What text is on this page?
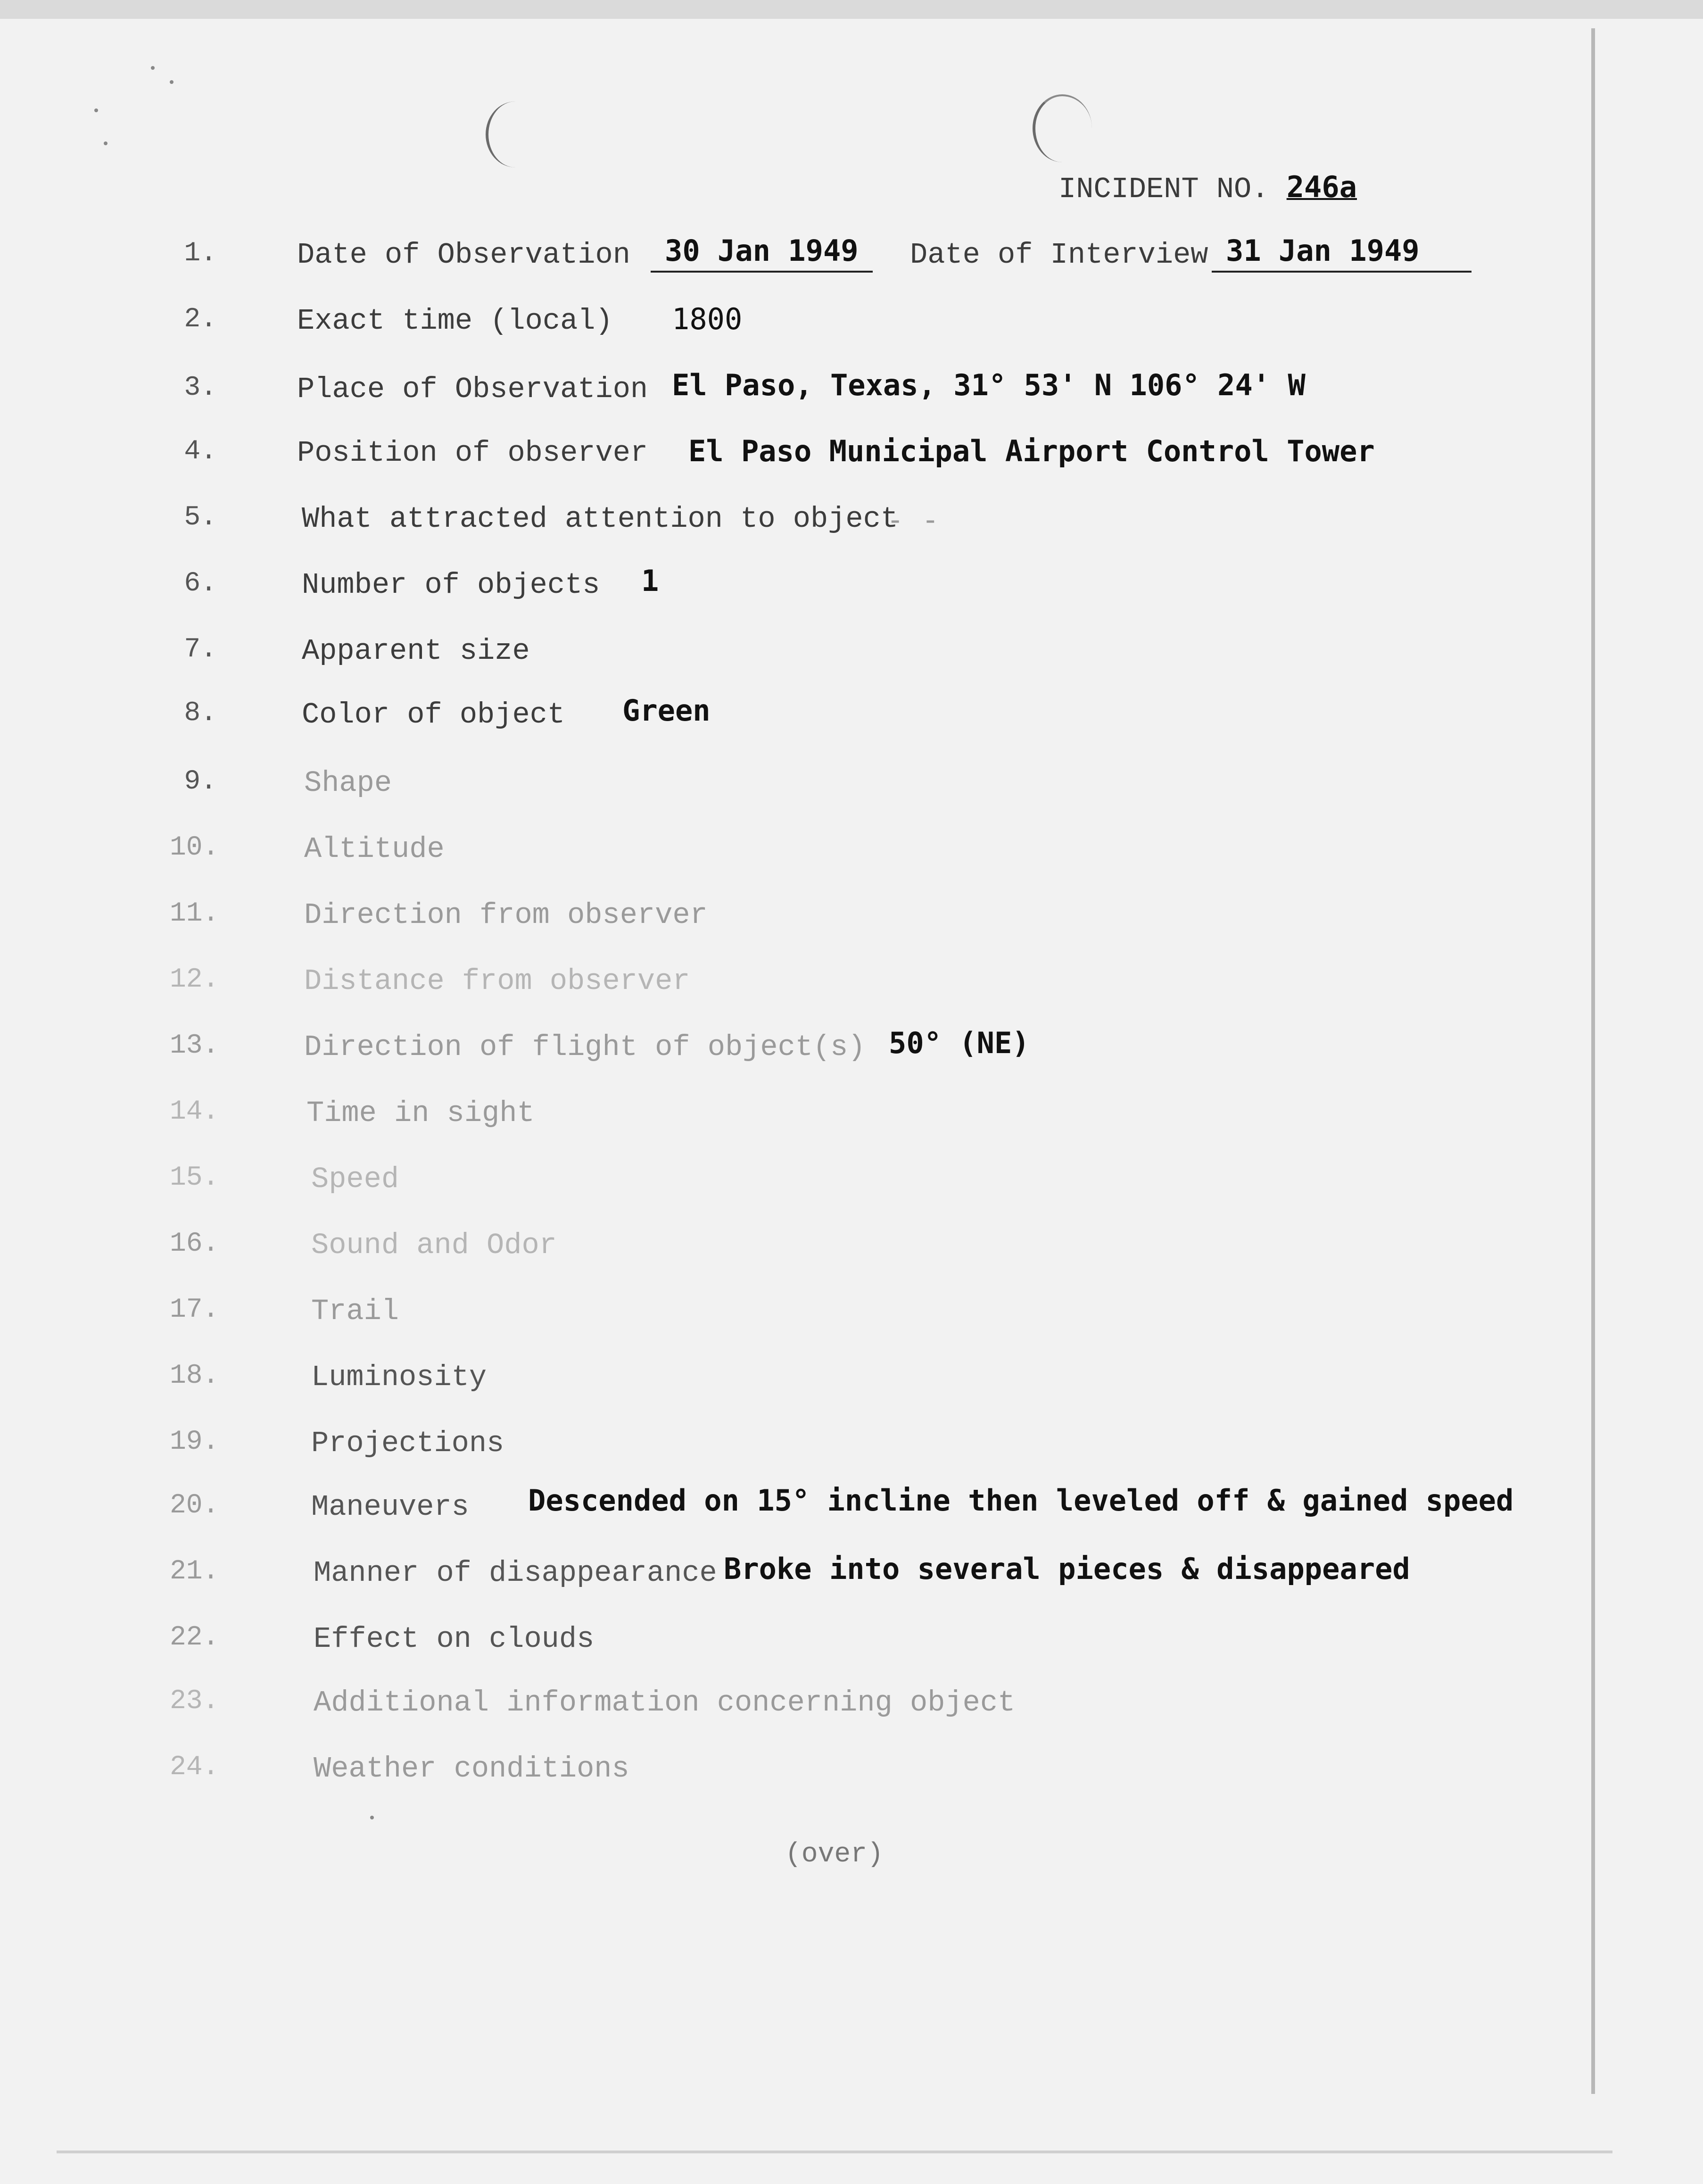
INCIDENT NO. 246a
1.	Date of Observation	30 Jan 1949	Date of Interview 31 Jan 1949
2.	Exact time (local) 1800
3.	Place of Observation El Paso, Texas, 31° 53' N 106° 24' W
4.	Position of observer El Paso Municipal Airport Control Tower
5.	What attracted attention to object
- -
6.	Number of objects 1
7.	Apparent size
8.	Color of object Green
9.	Shape
10.	Altitude
11.	Direction from observer
12.	Distance from observer
13.	Direction of flight of object(s) 50° (NE)
14.	Time in sight
15.	Speed
16.	Sound and Odor
17.	Trail
18.	Luminosity
19.	Projections
20.	Maneuvers Descended on 15° incline then leveled off & gained speed
21.	Manner of disappearance Broke into several pieces & disappeared
22.	Effect on clouds
23.	Additional information concerning object
24.	Weather conditions
(over)
